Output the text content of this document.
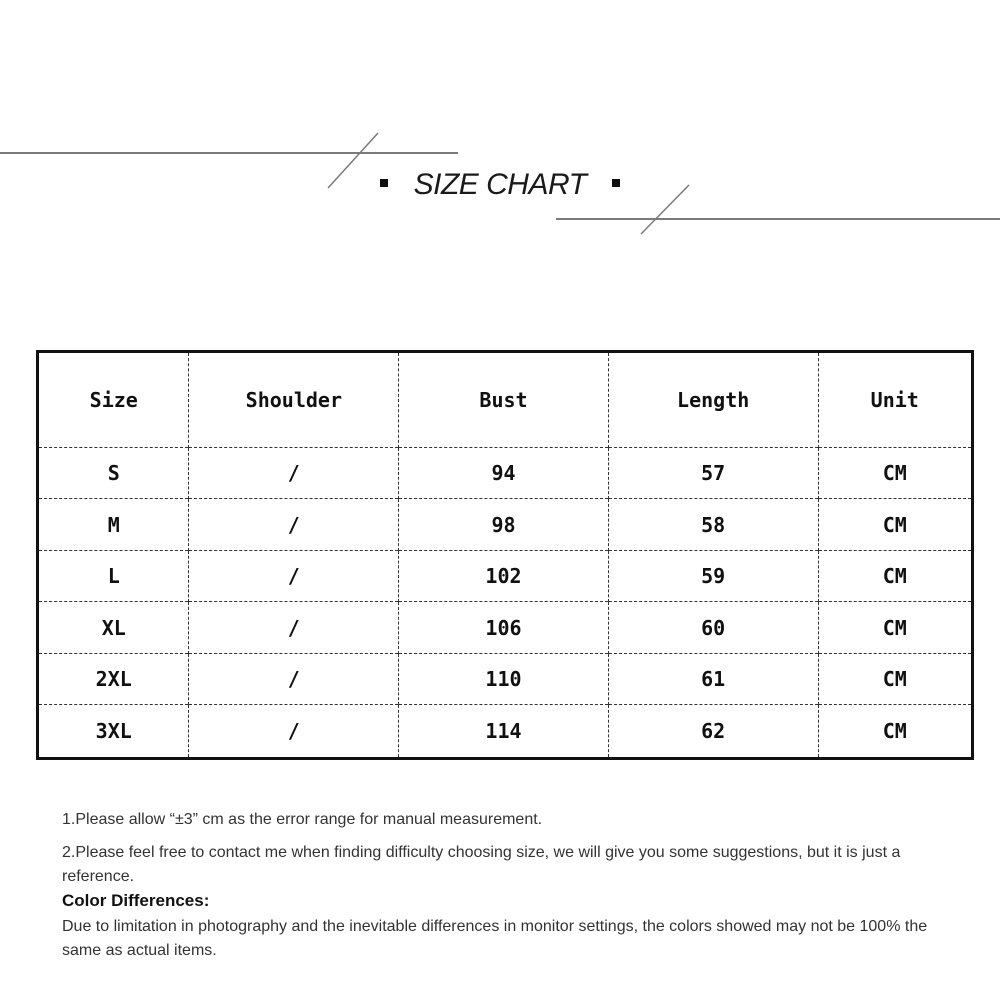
SIZE CHART
Size	Shoulder	Bust	Length	Unit
S	/	94	57	CM
M	/	98	58	CM
L	/	102	59	CM
XL	/	106	60	CM
2XL	/	110	61	CM
3XL	/	114	62	CM

1.Please allow “±3” cm as the error range for manual measurement.

2.Please feel free to contact me when finding difficulty choosing size, we will give you some suggestions, but it is just a reference.

Color Differences:

Due to limitation in photography and the inevitable differences in monitor settings, the colors showed may not be 100% the same as actual items.
